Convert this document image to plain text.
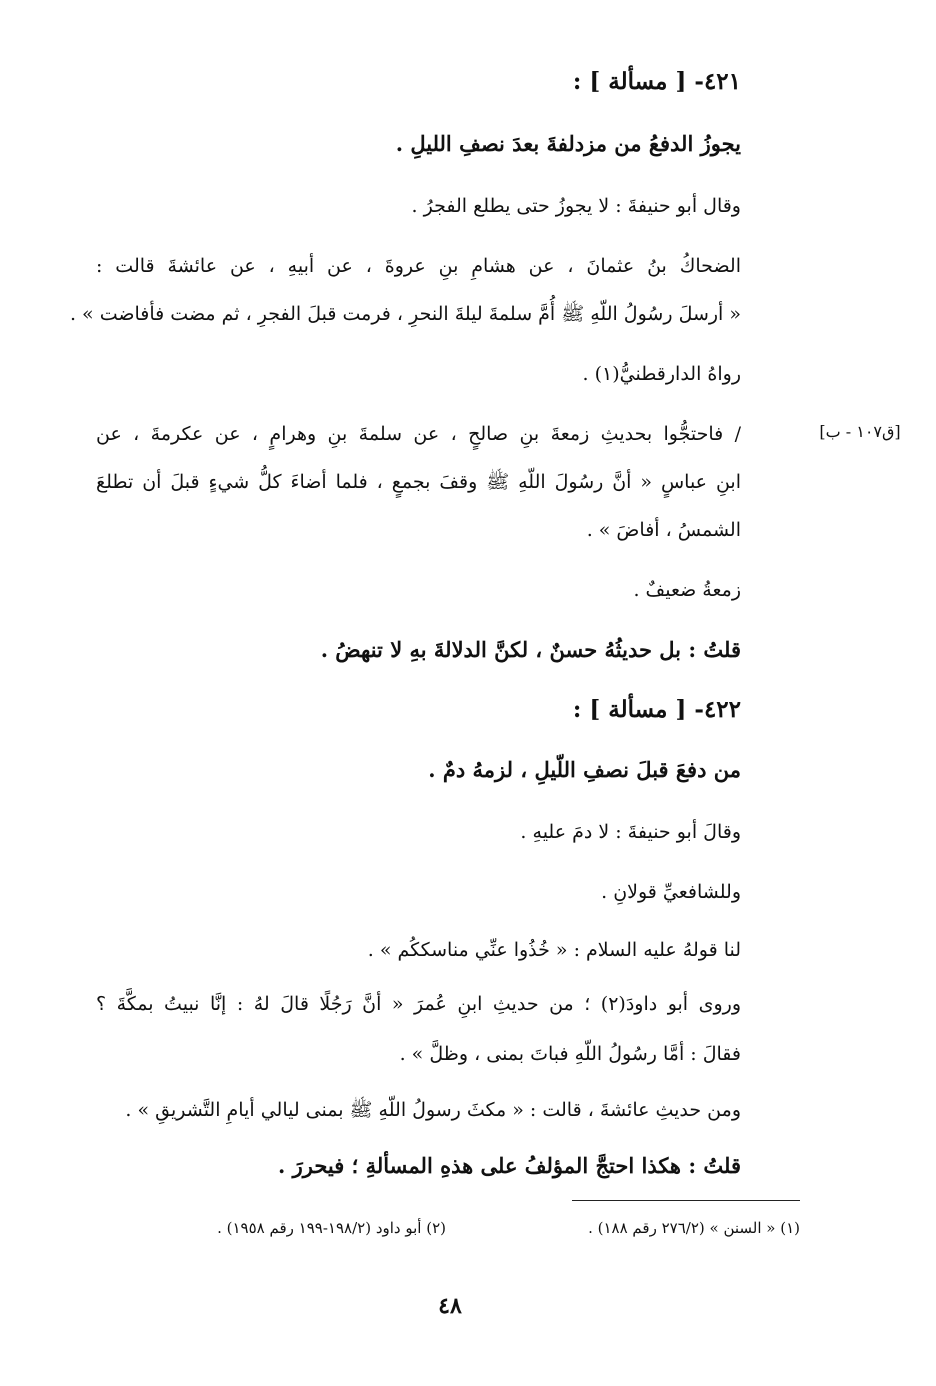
٤٢١- [ مسألة ] :
يجوزُ الدفعُ من مزدلفةَ بعدَ نصفِ الليلِ .
وقال أبو حنيفةَ : لا يجوزُ حتى يطلع الفجرُ .
الضحاكُ بنُ عثمانَ ، عن هشامِ بنِ عروةَ ، عن أبيهِ ، عن عائشةَ قالت :
« أرسلَ رسُولُ اللّهِ ﷺ أُمَّ سلمةَ ليلةَ النحرِ ، فرمت قبلَ الفجرِ ، ثم مضت فأفاضت » .
رواهُ الدارقطنيُّ(١) .
[ق١٠٧ - ب]
/ فاحتجُّوا بحديثِ زمعةَ بنِ صالحٍ ، عن سلمةَ بنِ وهرامٍ ، عن عكرمةَ ، عن
ابنِ عباسٍ « أنَّ رسُولَ اللّهِ ﷺ وقفَ بجمعٍ ، فلما أضاءَ كلُّ شيءٍ قبلَ أن تطلعَ
الشمسُ ، أفاضَ » .
زمعةُ ضعيفٌ .
قلتُ : بل حديثُهُ حسنٌ ، لكنَّ الدلالةَ بهِ لا تنهضُ .
٤٢٢- [ مسألة ] :
من دفعَ قبلَ نصفِ اللّيلِ ، لزمهُ دمٌ .
وقالَ أبو حنيفةَ : لا دمَ عليهِ .
وللشافعيِّ قولانِ .
لنا قولهُ عليه السلام : « خُذُوا عنِّي مناسككُم » .
وروى أبو داودَ(٢) ؛ من حديثِ ابنِ عُمرَ « أنَّ رَجُلًا قالَ لهُ : إنَّا نبيتُ بمكَّةَ ؟
فقالَ : أمَّا رسُولُ اللّهِ فباتَ بمنى ، وظلَّ » .
ومن حديثِ عائشةَ ، قالت : « مكثَ رسولُ اللّهِ ﷺ بمنى ليالي أيامِ التَّشريقِ » .
قلتُ : هكذا احتجَّ المؤلفُ على هذهِ المسألةِ ؛ فيحررَ .
(١) « السنن » (٢٧٦/٢ رقم ١٨٨) .
(٢) أبو داود (١٩٨/٢-١٩٩ رقم ١٩٥٨) .
٤٨
